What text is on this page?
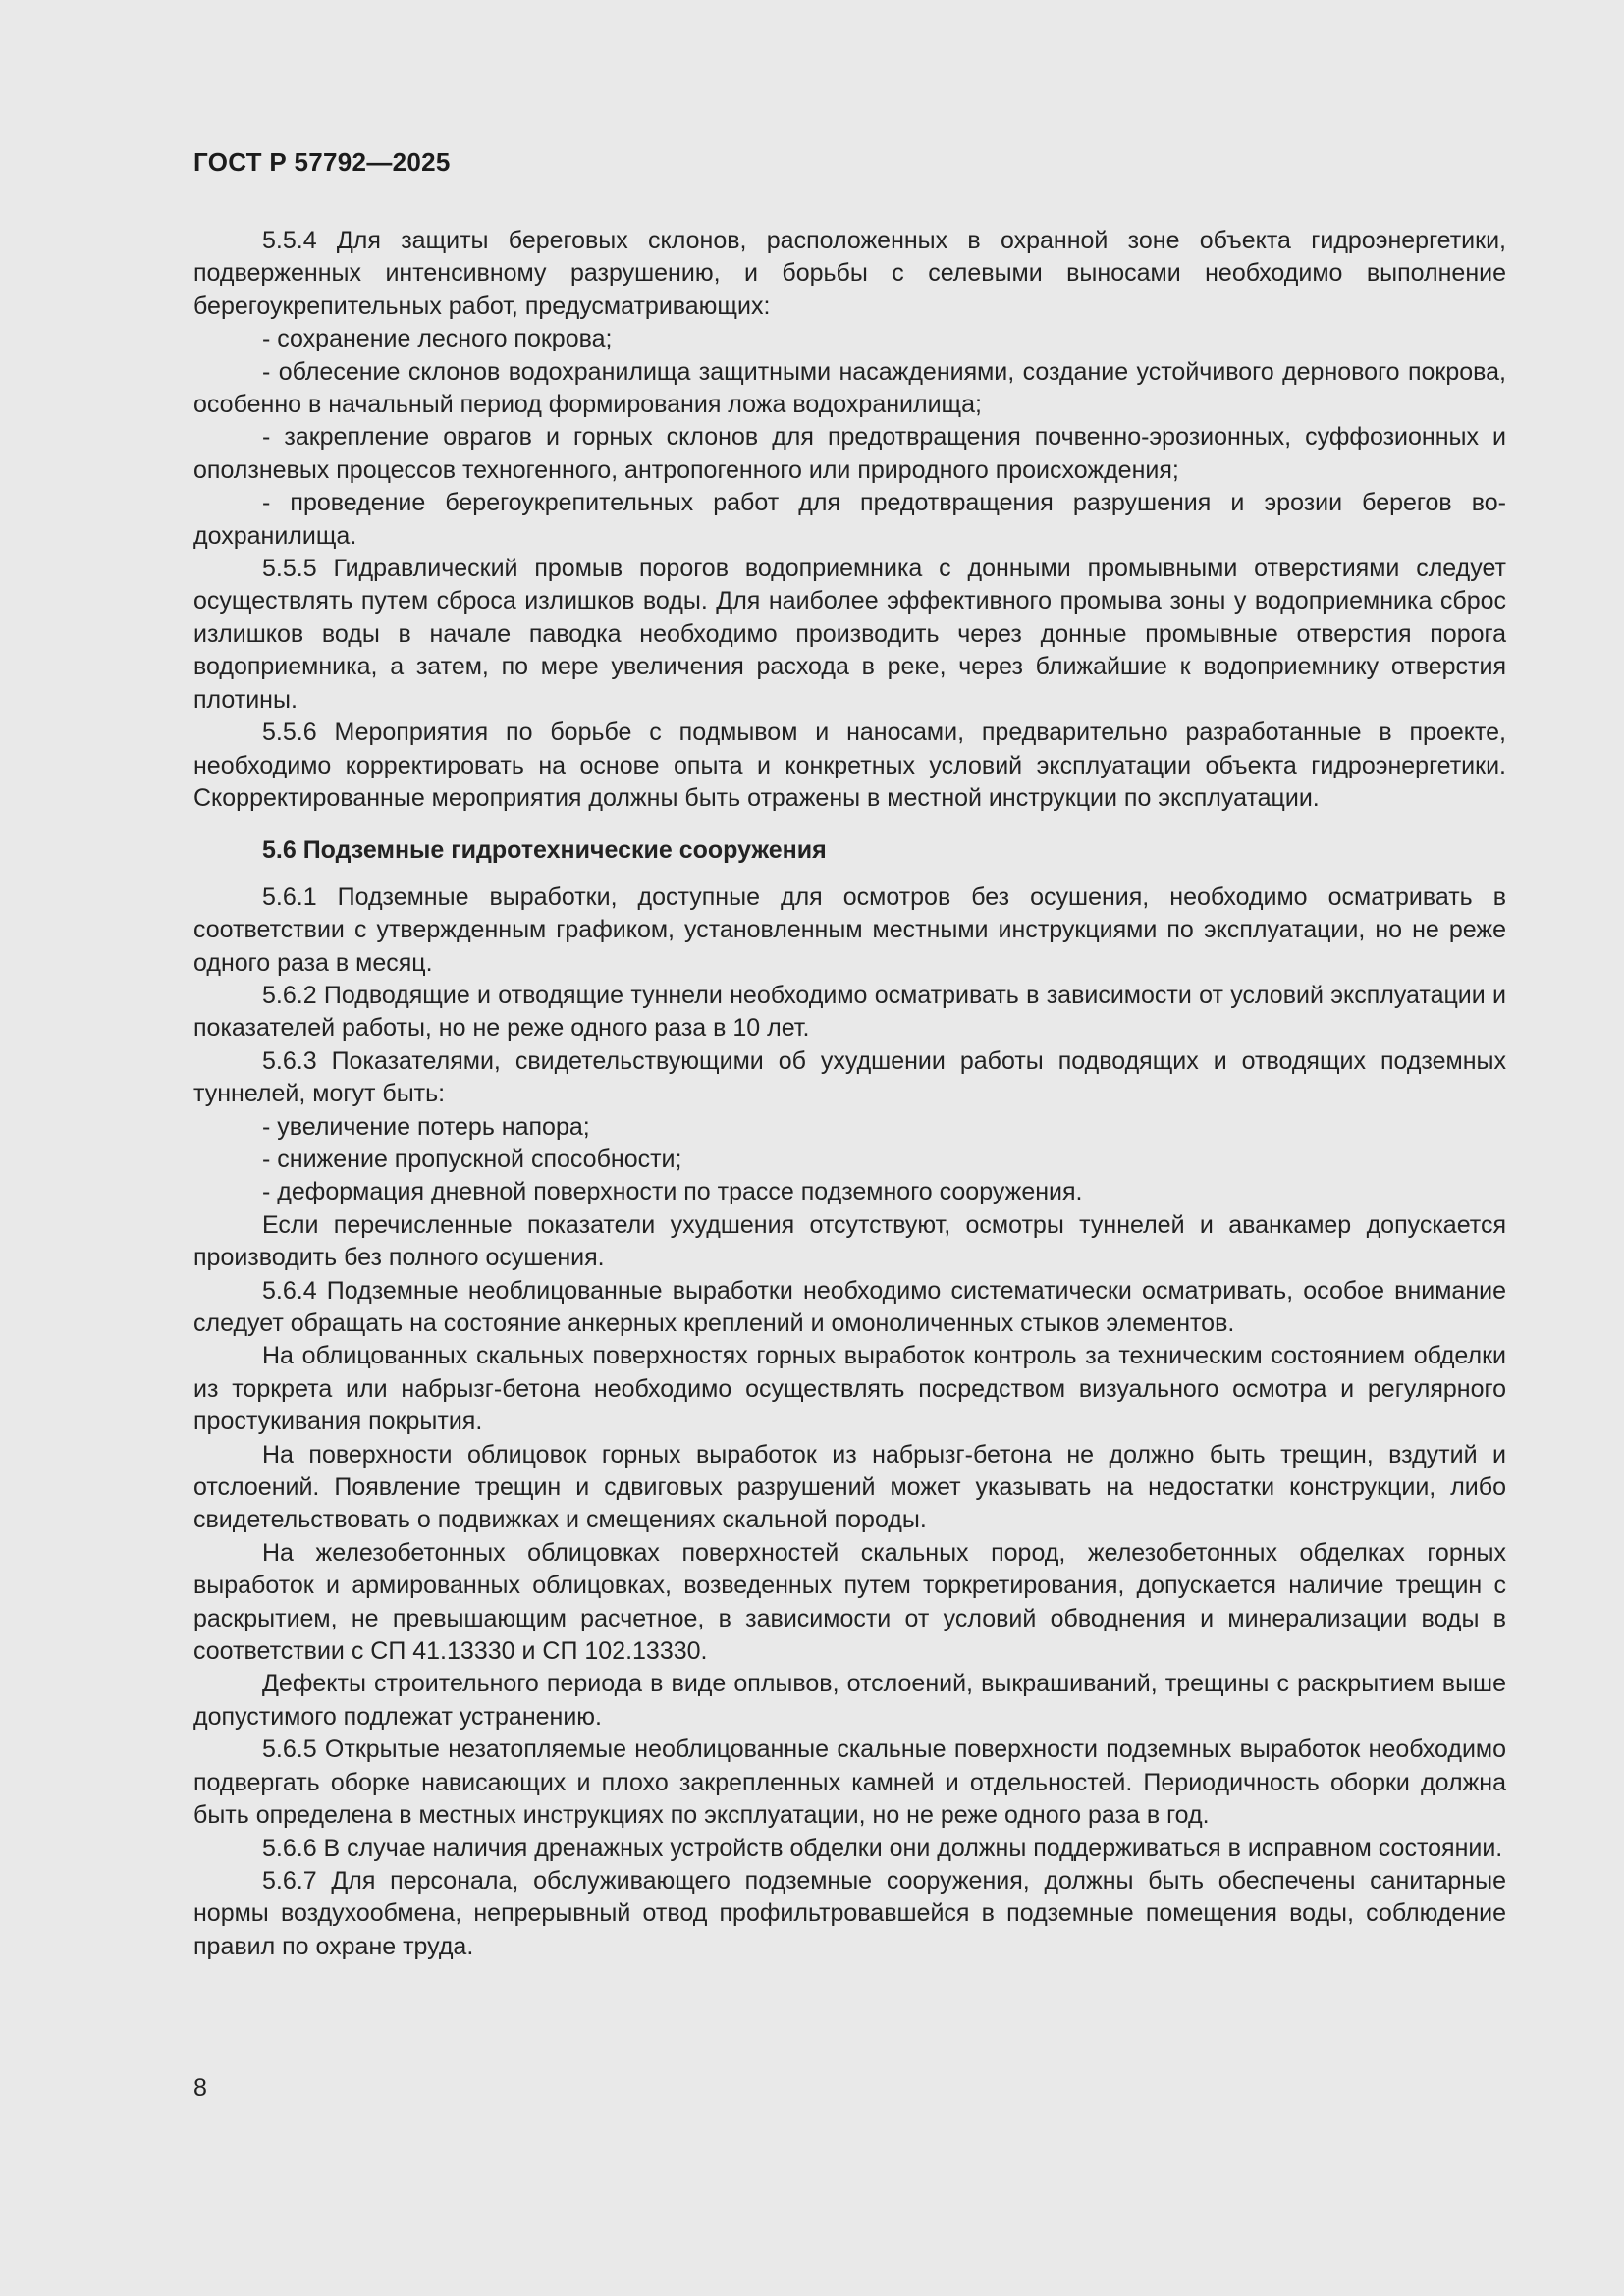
ГОСТ Р 57792—2025

5.5.4 Для защиты береговых склонов, расположенных в охранной зоне объекта гидроэнергетики, подверженных интенсивному разрушению, и борьбы с селевыми выносами необходимо выполнение берегоукрепительных работ, предусматривающих:

- сохранение лесного покрова;

- облесение склонов водохранилища защитными насаждениями, создание устойчивого дернового покрова, особенно в начальный период формирования ложа водохранилища;

- закрепление оврагов и горных склонов для предотвращения почвенно-эрозионных, суффозионных и оползневых процессов техногенного, антропогенного или природного происхождения;

- проведение берегоукрепительных работ для предотвращения разрушения и эрозии берегов водохранилища.

5.5.5 Гидравлический промыв порогов водоприемника с донными промывными отверстиями следует осуществлять путем сброса излишков воды. Для наиболее эффективного промыва зоны у водоприемника сброс излишков воды в начале паводка необходимо производить через донные промывные отверстия порога водоприемника, а затем, по мере увеличения расхода в реке, через ближайшие к водоприемнику отверстия плотины.

5.5.6 Мероприятия по борьбе с подмывом и наносами, предварительно разработанные в проекте, необходимо корректировать на основе опыта и конкретных условий эксплуатации объекта гидроэнергетики. Скорректированные мероприятия должны быть отражены в местной инструкции по эксплуатации.

5.6 Подземные гидротехнические сооружения

5.6.1 Подземные выработки, доступные для осмотров без осушения, необходимо осматривать в соответствии с утвержденным графиком, установленным местными инструкциями по эксплуатации, но не реже одного раза в месяц.

5.6.2 Подводящие и отводящие туннели необходимо осматривать в зависимости от условий эксплуатации и показателей работы, но не реже одного раза в 10 лет.

5.6.3 Показателями, свидетельствующими об ухудшении работы подводящих и отводящих подземных туннелей, могут быть:

- увеличение потерь напора;

- снижение пропускной способности;

- деформация дневной поверхности по трассе подземного сооружения.

Если перечисленные показатели ухудшения отсутствуют, осмотры туннелей и аванкамер допускается производить без полного осушения.

5.6.4 Подземные необлицованные выработки необходимо систематически осматривать, особое внимание следует обращать на состояние анкерных креплений и омоноличенных стыков элементов.

На облицованных скальных поверхностях горных выработок контроль за техническим состоянием обделки из торкрета или набрызг-бетона необходимо осуществлять посредством визуального осмотра и регулярного простукивания покрытия.

На поверхности облицовок горных выработок из набрызг-бетона не должно быть трещин, вздутий и отслоений. Появление трещин и сдвиговых разрушений может указывать на недостатки конструкции, либо свидетельствовать о подвижках и смещениях скальной породы.

На железобетонных облицовках поверхностей скальных пород, железобетонных обделках горных выработок и армированных облицовках, возведенных путем торкретирования, допускается наличие трещин с раскрытием, не превышающим расчетное, в зависимости от условий обводнения и минерализации воды в соответствии с СП 41.13330 и СП 102.13330.

Дефекты строительного периода в виде оплывов, отслоений, выкрашиваний, трещины с раскрытием выше допустимого подлежат устранению.

5.6.5 Открытые незатопляемые необлицованные скальные поверхности подземных выработок необходимо подвергать оборке нависающих и плохо закрепленных камней и отдельностей. Периодичность оборки должна быть определена в местных инструкциях по эксплуатации, но не реже одного раза в год.

5.6.6 В случае наличия дренажных устройств обделки они должны поддерживаться в исправном состоянии.

5.6.7 Для персонала, обслуживающего подземные сооружения, должны быть обеспечены санитарные нормы воздухообмена, непрерывный отвод профильтровавшейся в подземные помещения воды, соблюдение правил по охране труда.

8
